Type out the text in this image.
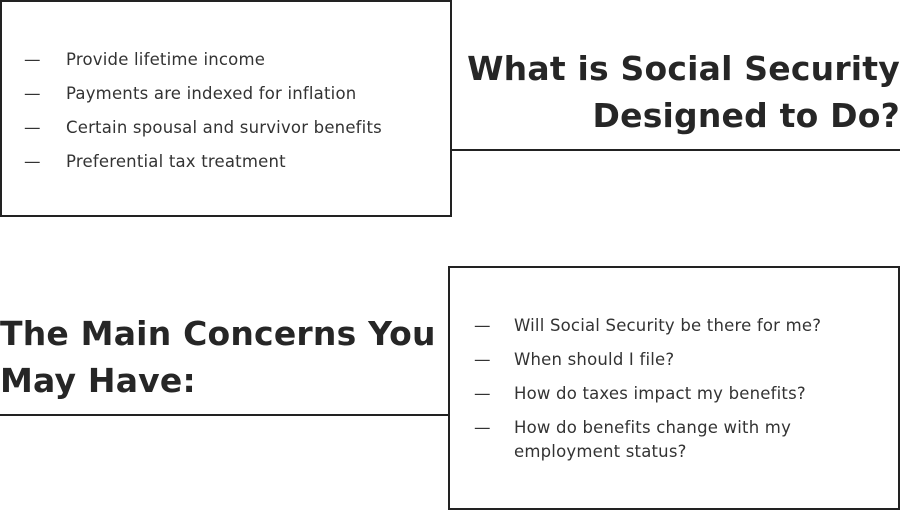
— Provide lifetime income
— Payments are indexed for inflation
— Certain spousal and survivor benefits
— Preferential tax treatment
What is Social Security
Designed to Do?
The Main Concerns You
May Have:
— Will Social Security be there for me?
— When should I file?
— How do taxes impact my benefits?
— How do benefits change with my employment status?
